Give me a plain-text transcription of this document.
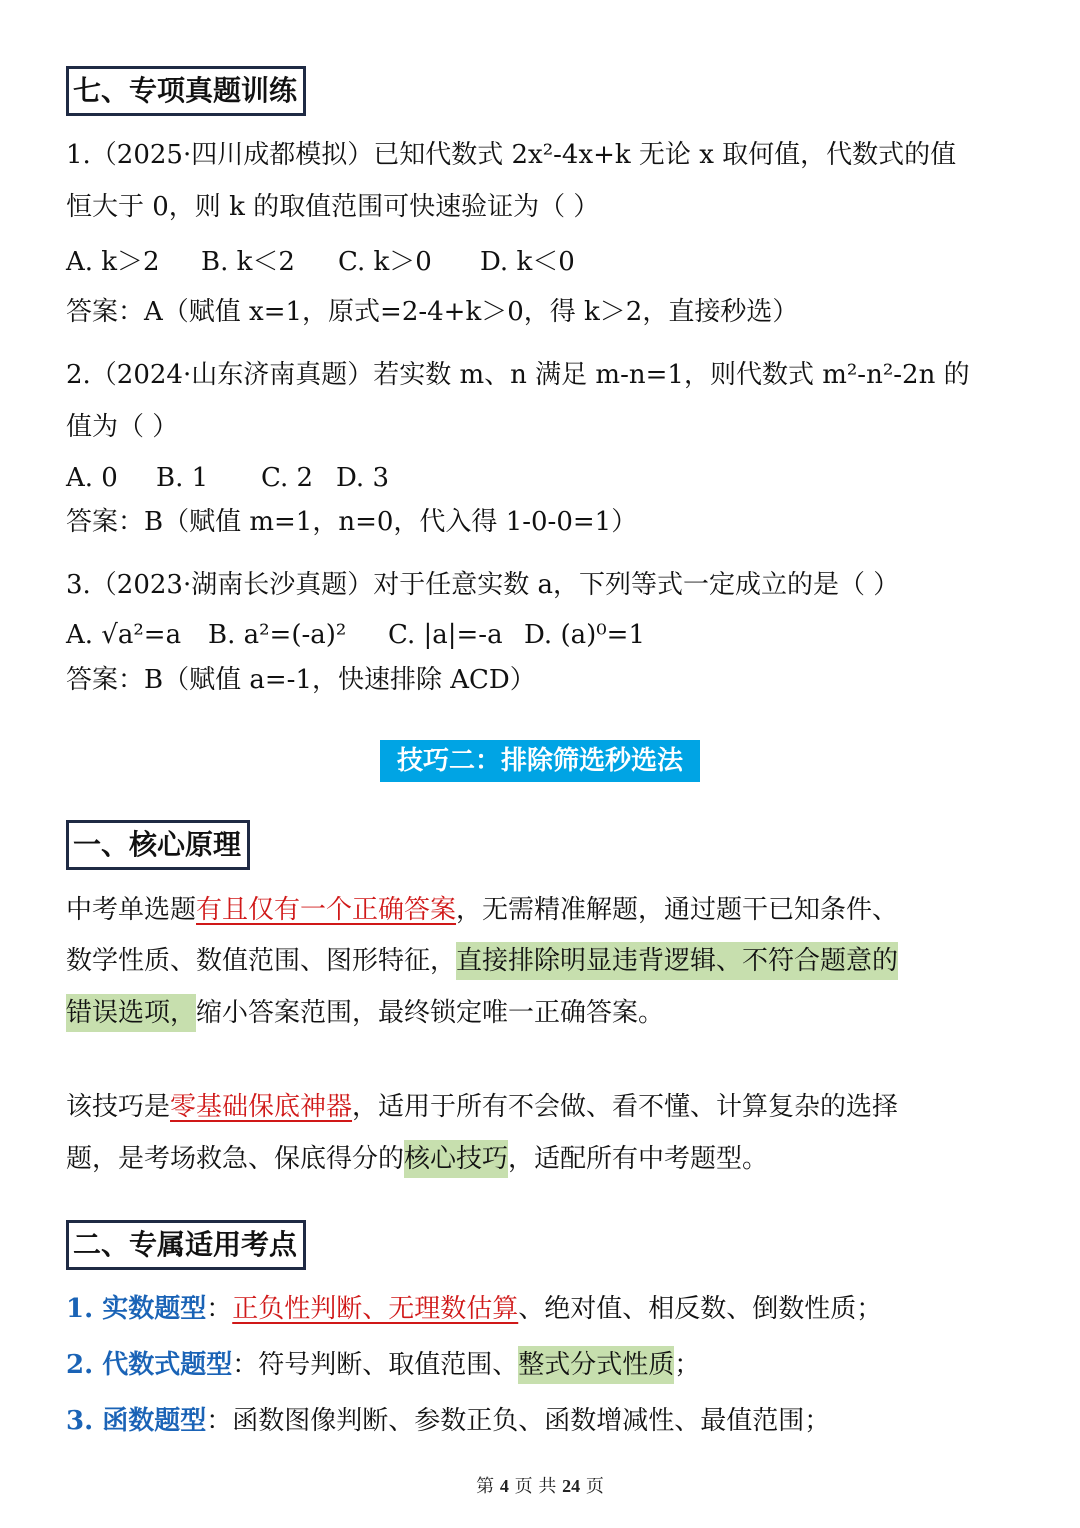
七、专项真题训练
1.（2025·四川成都模拟）已知代数式 2x²-4x+k 无论 x 取何值，代数式的值
恒大于 0，则 k 的取值范围可快速验证为（ ）
A. k＞2 B. k＜2 C. k＞0 D. k＜0
答案：A（赋值 x=1，原式=2-4+k＞0，得 k＞2，直接秒选）
2.（2024·山东济南真题）若实数 m、n 满足 m-n=1，则代数式 m²-n²-2n 的
值为（ ）
A. 0 B. 1 C. 2 D. 3
答案：B（赋值 m=1，n=0，代入得 1-0-0=1）
3.（2023·湖南长沙真题）对于任意实数 a，下列等式一定成立的是（ ）
A. √a²=a B. a²=(-a)² C. |a|=-a D. (a)⁰=1
答案：B（赋值 a=-1，快速排除 ACD）
技巧二：排除筛选秒选法
一、核心原理
中考单选题有且仅有一个正确答案，无需精准解题，通过题干已知条件、
数学性质、数值范围、图形特征，直接排除明显违背逻辑、不符合题意的
错误选项，缩小答案范围，最终锁定唯一正确答案。
该技巧是零基础保底神器，适用于所有不会做、看不懂、计算复杂的选择
题，是考场救急、保底得分的核心技巧，适配所有中考题型。
二、专属适用考点
1. 实数题型：正负性判断、无理数估算、绝对值、相反数、倒数性质；
2. 代数式题型：符号判断、取值范围、整式分式性质；
3. 函数题型：函数图像判断、参数正负、函数增减性、最值范围；
第 4 页 共 24 页
